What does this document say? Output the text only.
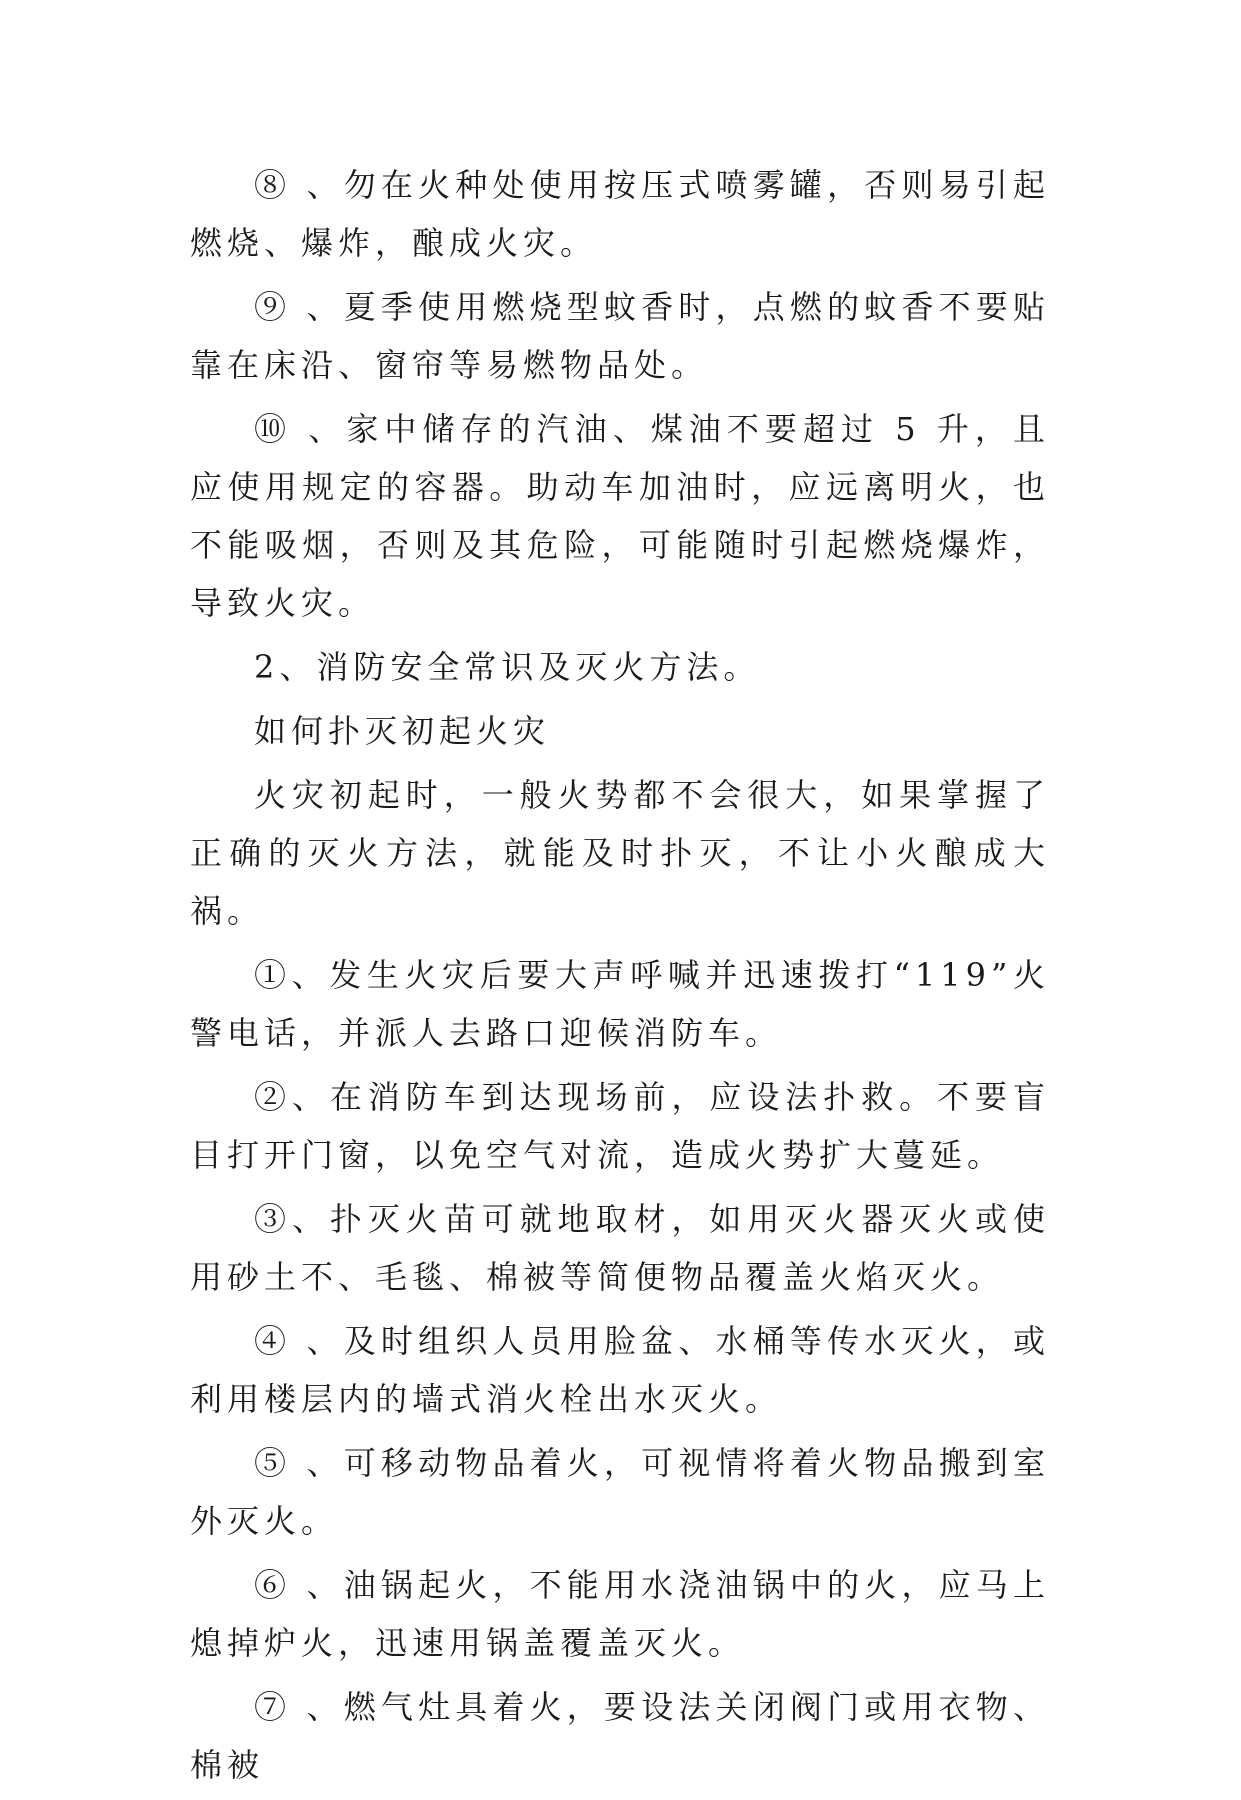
⑧ 、勿在火种处使用按压式喷雾罐，否则易引起燃烧、爆炸，酿成火灾。

⑨ 、夏季使用燃烧型蚊香时，点燃的蚊香不要贴靠在床沿、窗帘等易燃物品处。

⑩ 、家中储存的汽油、煤油不要超过 5 升，且应使用规定的容器。助动车加油时，应远离明火，也不能吸烟，否则及其危险，可能随时引起燃烧爆炸，导致火灾。

2、消防安全常识及灭火方法。

如何扑灭初起火灾

火灾初起时，一般火势都不会很大，如果掌握了正确的灭火方法，就能及时扑灭，不让小火酿成大祸。

①、发生火灾后要大声呼喊并迅速拨打“119”火警电话，并派人去路口迎候消防车。

②、在消防车到达现场前，应设法扑救。不要盲目打开门窗，以免空气对流，造成火势扩大蔓延。

③、扑灭火苗可就地取材，如用灭火器灭火或使用砂土不、毛毯、棉被等简便物品覆盖火焰灭火。

④ 、及时组织人员用脸盆、水桶等传水灭火，或利用楼层内的墙式消火栓出水灭火。

⑤ 、可移动物品着火，可视情将着火物品搬到室外灭火。

⑥ 、油锅起火，不能用水浇油锅中的火，应马上熄掉炉火，迅速用锅盖覆盖灭火。

⑦ 、燃气灶具着火，要设法关闭阀门或用衣物、棉被
